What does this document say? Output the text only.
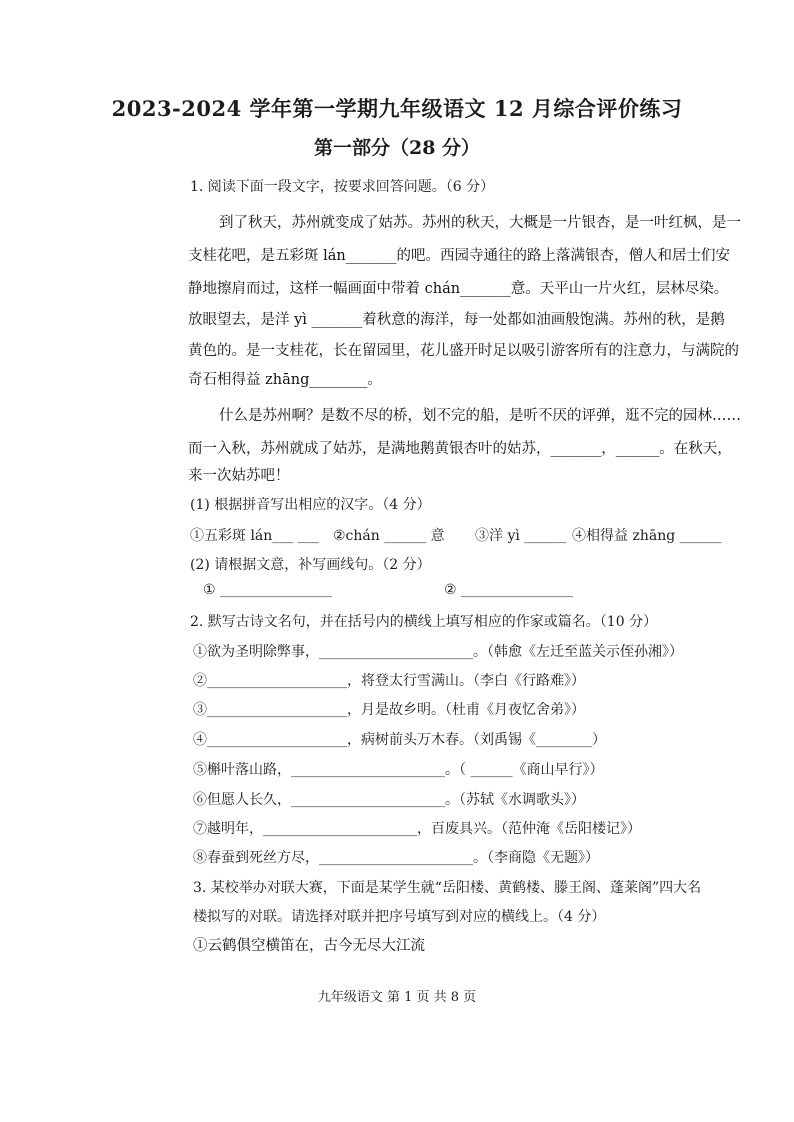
2023-2024 学年第一学期九年级语文 12 月综合评价练习
第一部分（28 分）
1. 阅读下面一段文字，按要求回答问题。（6 分）
到了秋天，苏州就变成了姑苏。苏州的秋天，大概是一片银杏，是一叶红枫，是一
支桂花吧，是五彩斑 lán_______的吧。西园寺通往的路上落满银杏，僧人和居士们安
静地擦肩而过，这样一幅画面中带着 chán_______意。天平山一片火红，层林尽染。
放眼望去，是洋 yì _______着秋意的海洋，每一处都如油画般饱满。苏州的秋，是鹅
黄色的。是一支桂花，长在留园里，花儿盛开时足以吸引游客所有的注意力，与满院的
奇石相得益 zhāng________。
什么是苏州啊？是数不尽的桥，划不完的船，是听不厌的评弹，逛不完的园林……
而一入秋，苏州就成了姑苏，是满地鹅黄银杏叶的姑苏，_______，______。在秋天，
来一次姑苏吧！
(1) 根据拼音写出相应的汉字。（4 分）
①五彩斑 lán___ ___ ②chán ______ 意 ③洋 yì ______ ④相得益 zhāng ______
(2) 请根据文意，补写画线句。（2 分）
① ________________	② ________________
2. 默写古诗文名句，并在括号内的横线上填写相应的作家或篇名。（10 分）
①欲为圣明除弊事，______________________。（韩愈《左迁至蓝关示侄孙湘》）
②____________________，将登太行雪满山。（李白《行路难》）
③____________________，月是故乡明。（杜甫《月夜忆舍弟》）
④____________________，病树前头万木春。（刘禹锡《________）
⑤槲叶落山路，______________________。（ ______《商山早行》）
⑥但愿人长久，______________________。（苏轼《水调歌头》）
⑦越明年，______________________，百废具兴。（范仲淹《岳阳楼记》）
⑧春蚕到死丝方尽，______________________。（李商隐《无题》）
3. 某校举办对联大赛，下面是某学生就“岳阳楼、黄鹤楼、滕王阁、蓬莱阁”四大名
楼拟写的对联。请选择对联并把序号填写到对应的横线上。（4 分）
①云鹤俱空横笛在，古今无尽大江流
九年级语文 第 1 页 共 8 页
